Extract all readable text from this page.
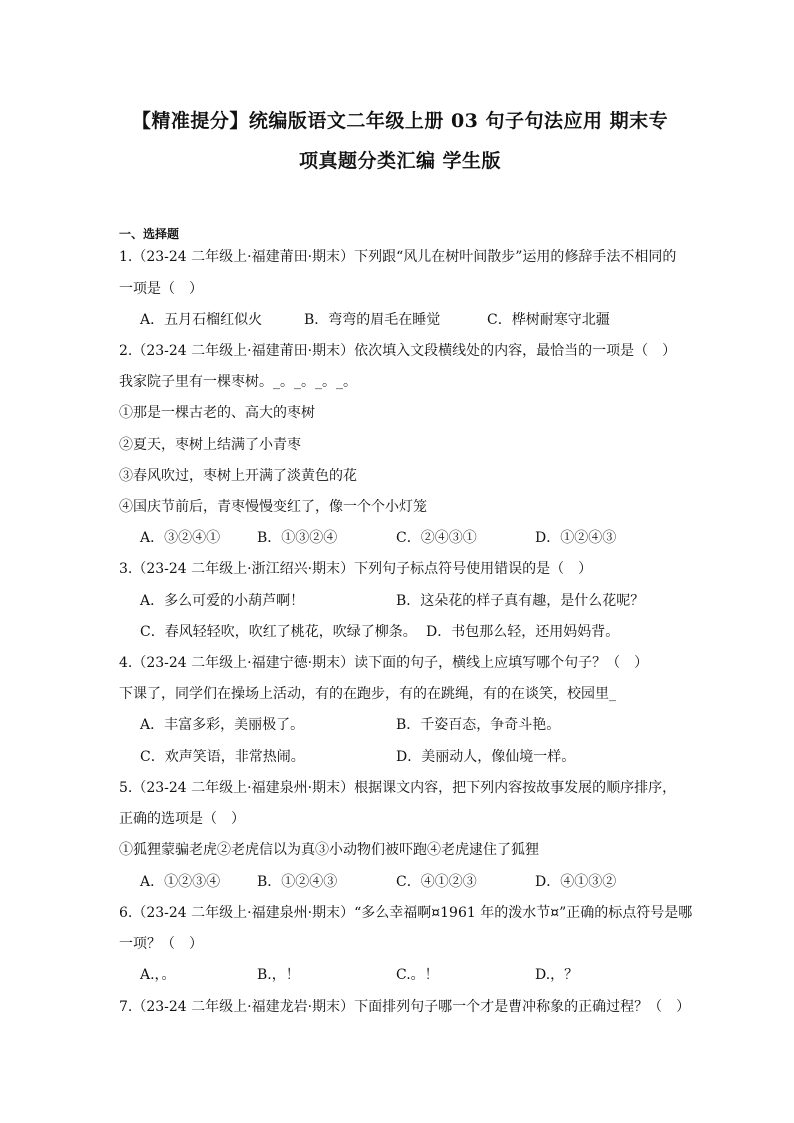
【精准提分】统编版语文二年级上册 03 句子句法应用 期末专
项真题分类汇编 学生版
一、选择题
1.（23-24 二年级上·福建莆田·期末）下列跟“风儿在树叶间散步”运用的修辞手法不相同的
一项是（　）
A．五月石榴红似火	B．弯弯的眉毛在睡觉	C．桦树耐寒守北疆
2.（23-24 二年级上·福建莆田·期末）依次填入文段横线处的内容，最恰当的一项是（　）
我家院子里有一棵枣树。_。_。_。_。
①那是一棵古老的、高大的枣树
②夏天，枣树上结满了小青枣
③春风吹过，枣树上开满了淡黄色的花
④国庆节前后，青枣慢慢变红了，像一个个小灯笼
A．③②④①	B．①③②④	C．②④③①	D．①②④③
3.（23-24 二年级上·浙江绍兴·期末）下列句子标点符号使用错误的是（　）
A．多么可爱的小葫芦啊！	B．这朵花的样子真有趣，是什么花呢？
C．春风轻轻吹，吹红了桃花，吹绿了柳条。 D．书包那么轻，还用妈妈背。
4.（23-24 二年级上·福建宁德·期末）读下面的句子，横线上应填写哪个句子？（　）
下课了，同学们在操场上活动，有的在跑步，有的在跳绳，有的在谈笑，校园里_
A．丰富多彩，美丽极了。	B．千姿百态，争奇斗艳。
C．欢声笑语，非常热闹。	D．美丽动人，像仙境一样。
5.（23-24 二年级上·福建泉州·期末）根据课文内容，把下列内容按故事发展的顺序排序，
正确的选项是（　）
①狐狸蒙骗老虎②老虎信以为真③小动物们被吓跑④老虎逮住了狐狸
A．①②③④	B．①②④③	C．④①②③	D．④①③②
6.（23-24 二年级上·福建泉州·期末）“多么幸福啊¤1961 年的泼水节¤”正确的标点符号是哪
一项？（　）
A.，。	B.，！	C.。！	D.，？
7.（23-24 二年级上·福建龙岩·期末）下面排列句子哪一个才是曹冲称象的正确过程？（　）
